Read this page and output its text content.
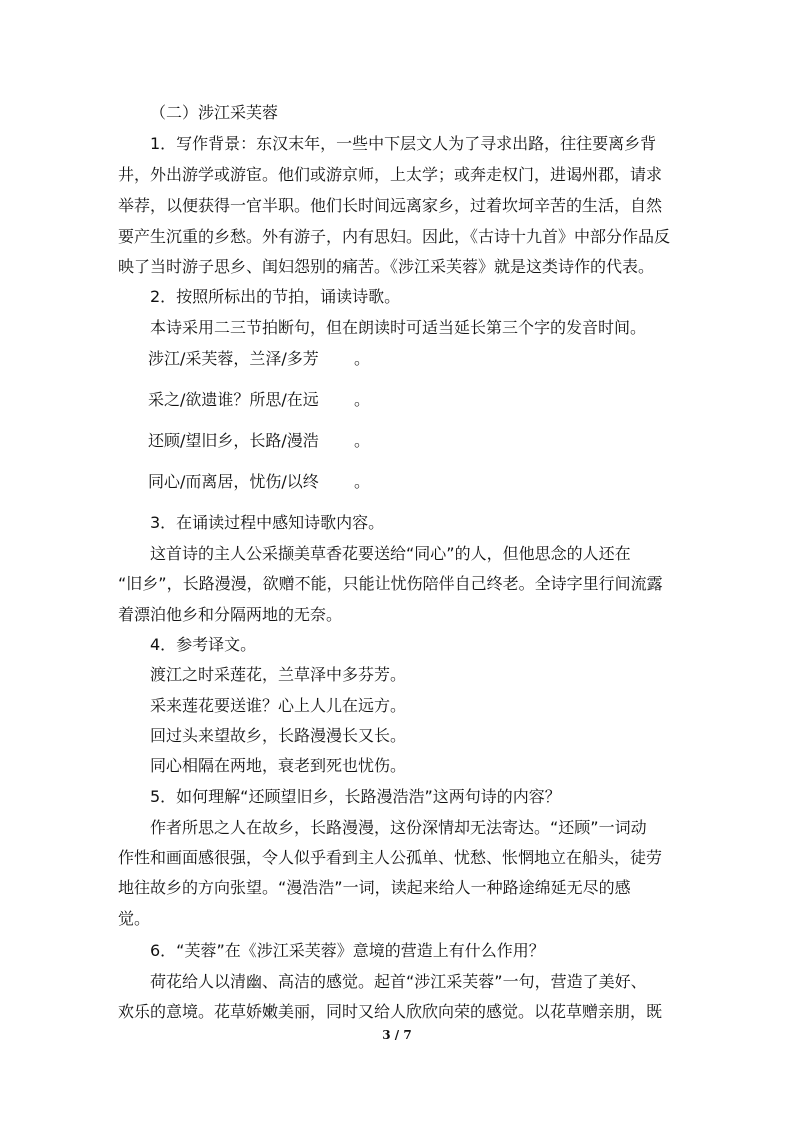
（二）涉江采芙蓉
1．写作背景：东汉末年，一些中下层文人为了寻求出路，往往要离乡背
井，外出游学或游宦。他们或游京师，上太学；或奔走权门，进谒州郡，请求
举荐，以便获得一官半职。他们长时间远离家乡，过着坎坷辛苦的生活，自然
要产生沉重的乡愁。外有游子，内有思妇。因此，《古诗十九首》中部分作品反
映了当时游子思乡、闺妇怨别的痛苦。《涉江采芙蓉》就是这类诗作的代表。
2．按照所标出的节拍，诵读诗歌。
本诗采用二三节拍断句，但在朗读时可适当延长第三个字的发音时间。
涉江/采芙蓉，兰泽/多芳 。
采之/欲遗谁？所思/在远 。
还顾/望旧乡，长路/漫浩 。
同心/而离居，忧伤/以终 。
3．在诵读过程中感知诗歌内容。
这首诗的主人公采撷美草香花要送给“同心”的人，但他思念的人还在
“旧乡”，长路漫漫，欲赠不能，只能让忧伤陪伴自己终老。全诗字里行间流露
着漂泊他乡和分隔两地的无奈。
4．参考译文。
渡江之时采莲花，兰草泽中多芬芳。
采来莲花要送谁？心上人儿在远方。
回过头来望故乡，长路漫漫长又长。
同心相隔在两地，衰老到死也忧伤。
5．如何理解“还顾望旧乡，长路漫浩浩”这两句诗的内容？
作者所思之人在故乡，长路漫漫，这份深情却无法寄达。“还顾”一词动
作性和画面感很强，令人似乎看到主人公孤单、忧愁、怅惘地立在船头，徒劳
地往故乡的方向张望。“漫浩浩”一词，读起来给人一种路途绵延无尽的感
觉。
6．“芙蓉”在《涉江采芙蓉》意境的营造上有什么作用？
荷花给人以清幽、高洁的感觉。起首“涉江采芙蓉”一句，营造了美好、
欢乐的意境。花草娇嫩美丽，同时又给人欣欣向荣的感觉。以花草赠亲朋，既
3 / 7
